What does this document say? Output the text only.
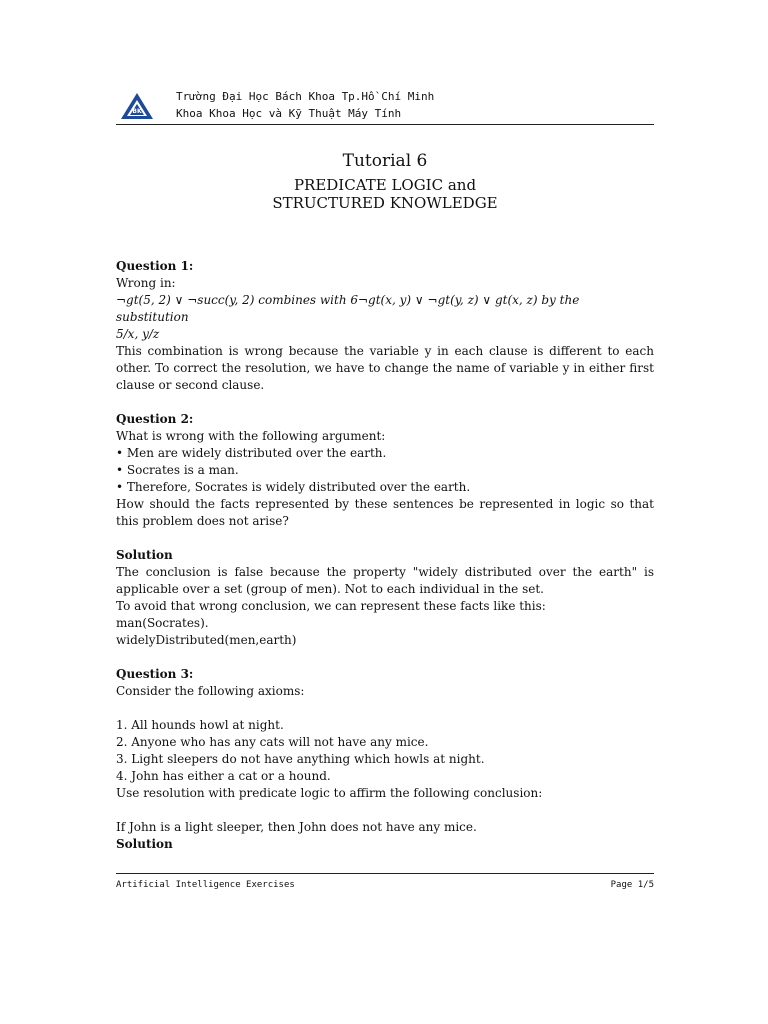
BK
Trường Đại Học Bách Khoa Tp.Hồ Chí Minh
Khoa Khoa Học và Kỹ Thuật Máy Tính
Tutorial 6
PREDICATE LOGIC and
STRUCTURED KNOWLEDGE

Question 1:

Wrong in:

¬gt(5, 2) ∨ ¬succ(y, 2) combines with 6¬gt(x, y) ∨ ¬gt(y, z) ∨ gt(x, z) by the substitution

5/x, y/z

This combination is wrong because the variable y in each clause is different to each other. To correct the resolution, we have to change the name of variable y in either first clause or second clause.

Question 2:

What is wrong with the following argument:

• Men are widely distributed over the earth.

• Socrates is a man.

• Therefore, Socrates is widely distributed over the earth.

How should the facts represented by these sentences be represented in logic so that this problem does not arise?

Solution

The conclusion is false because the property "widely distributed over the earth" is applicable over a set (group of men). Not to each individual in the set.

To avoid that wrong conclusion, we can represent these facts like this:

man(Socrates).

widelyDistributed(men,earth)

Question 3:

Consider the following axioms:

1. All hounds howl at night.

2. Anyone who has any cats will not have any mice.

3. Light sleepers do not have anything which howls at night.

4. John has either a cat or a hound.

Use resolution with predicate logic to affirm the following conclusion:

If John is a light sleeper, then John does not have any mice.

Solution

Artificial Intelligence Exercises	Page 1/5
